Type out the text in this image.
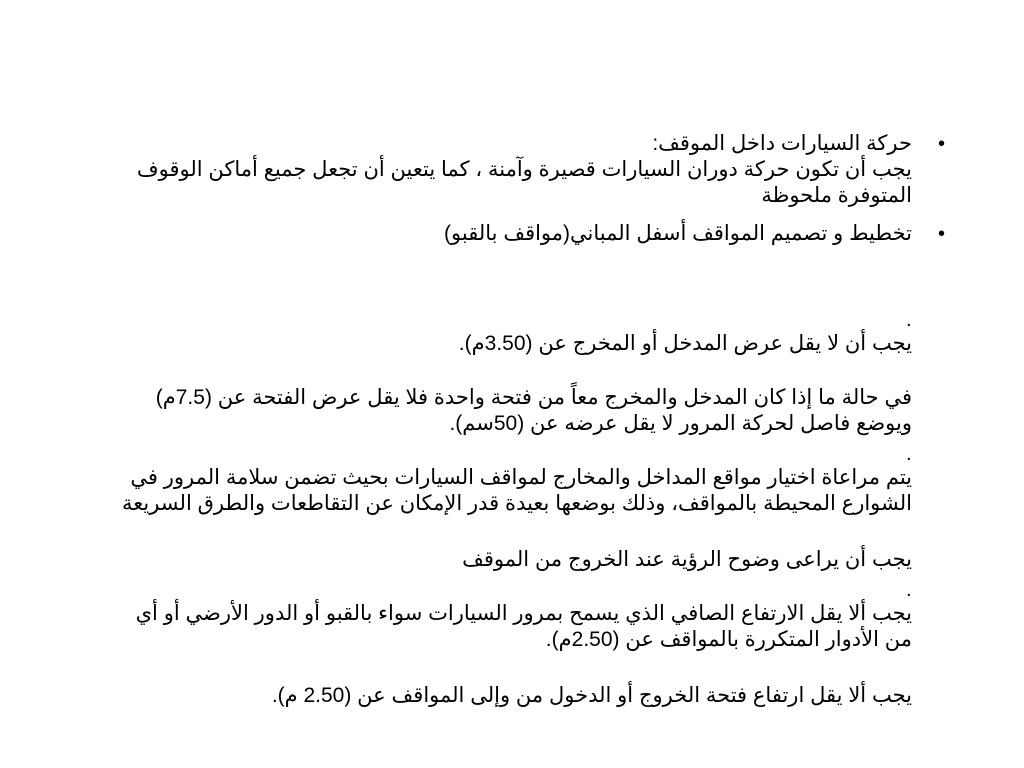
•
حركة السيارات داخل الموقف:
يجب أن تكون حركة دوران السيارات قصيرة وآمنة ، كما يتعين أن تجعل جميع أماكن الوقوف
المتوفرة ملحوظة
•
تخطيط و تصميم المواقف أسفل المباني(مواقف بالقبو)
.
يجب أن لا يقل عرض المدخل أو المخرج عن (3.50م).
في حالة ما إذا كان المدخل والمخرج معاً من فتحة واحدة فلا يقل عرض الفتحة عن (7.5م)
ويوضع فاصل لحركة المرور لا يقل عرضه عن (50سم).
.
يتم مراعاة اختيار مواقع المداخل والمخارج لمواقف السيارات بحيث تضمن سلامة المرور في
الشوارع المحيطة بالمواقف، وذلك بوضعها بعيدة قدر الإمكان عن التقاطعات والطرق السريعة
يجب أن يراعى وضوح الرؤية عند الخروج من الموقف
.
يجب ألا يقل الارتفاع الصافي الذي يسمح بمرور السيارات سواء بالقبو أو الدور الأرضي أو أي
من الأدوار المتكررة بالمواقف عن (2.50م).
يجب ألا يقل ارتفاع فتحة الخروج أو الدخول من وإلى المواقف عن (2.50 م).
